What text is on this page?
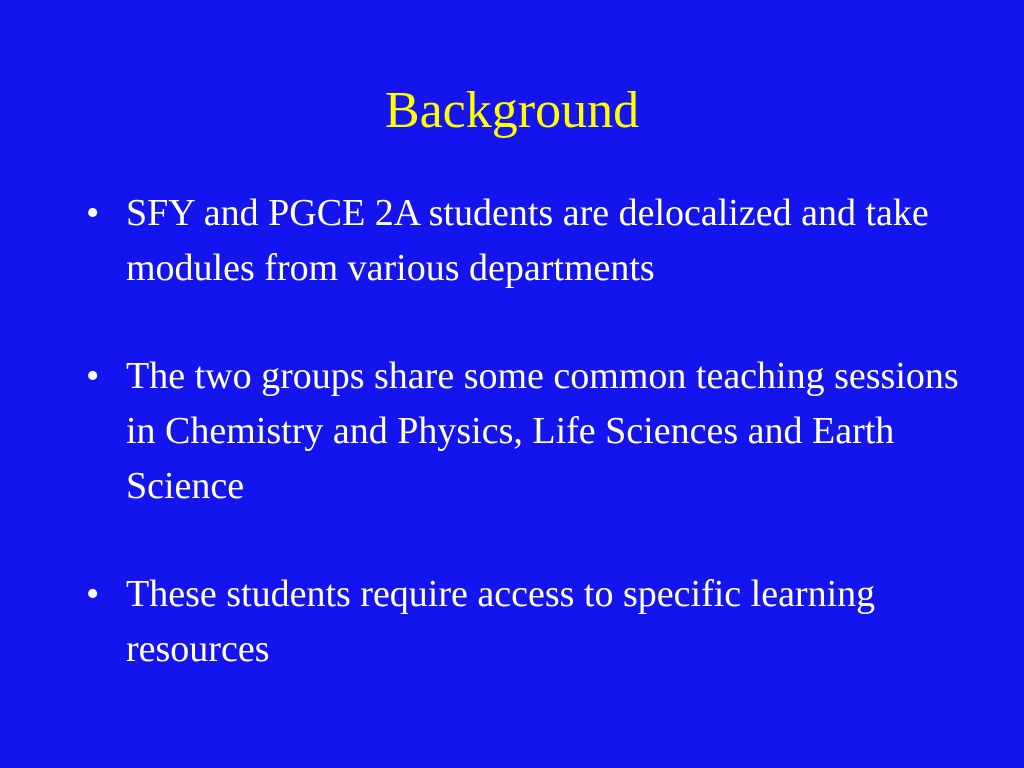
Background
• SFY and PGCE 2A students are delocalized and take modules from various departments
• The two groups share some common teaching sessions in Chemistry and Physics, Life Sciences and Earth Science
• These students require access to specific learning resources
